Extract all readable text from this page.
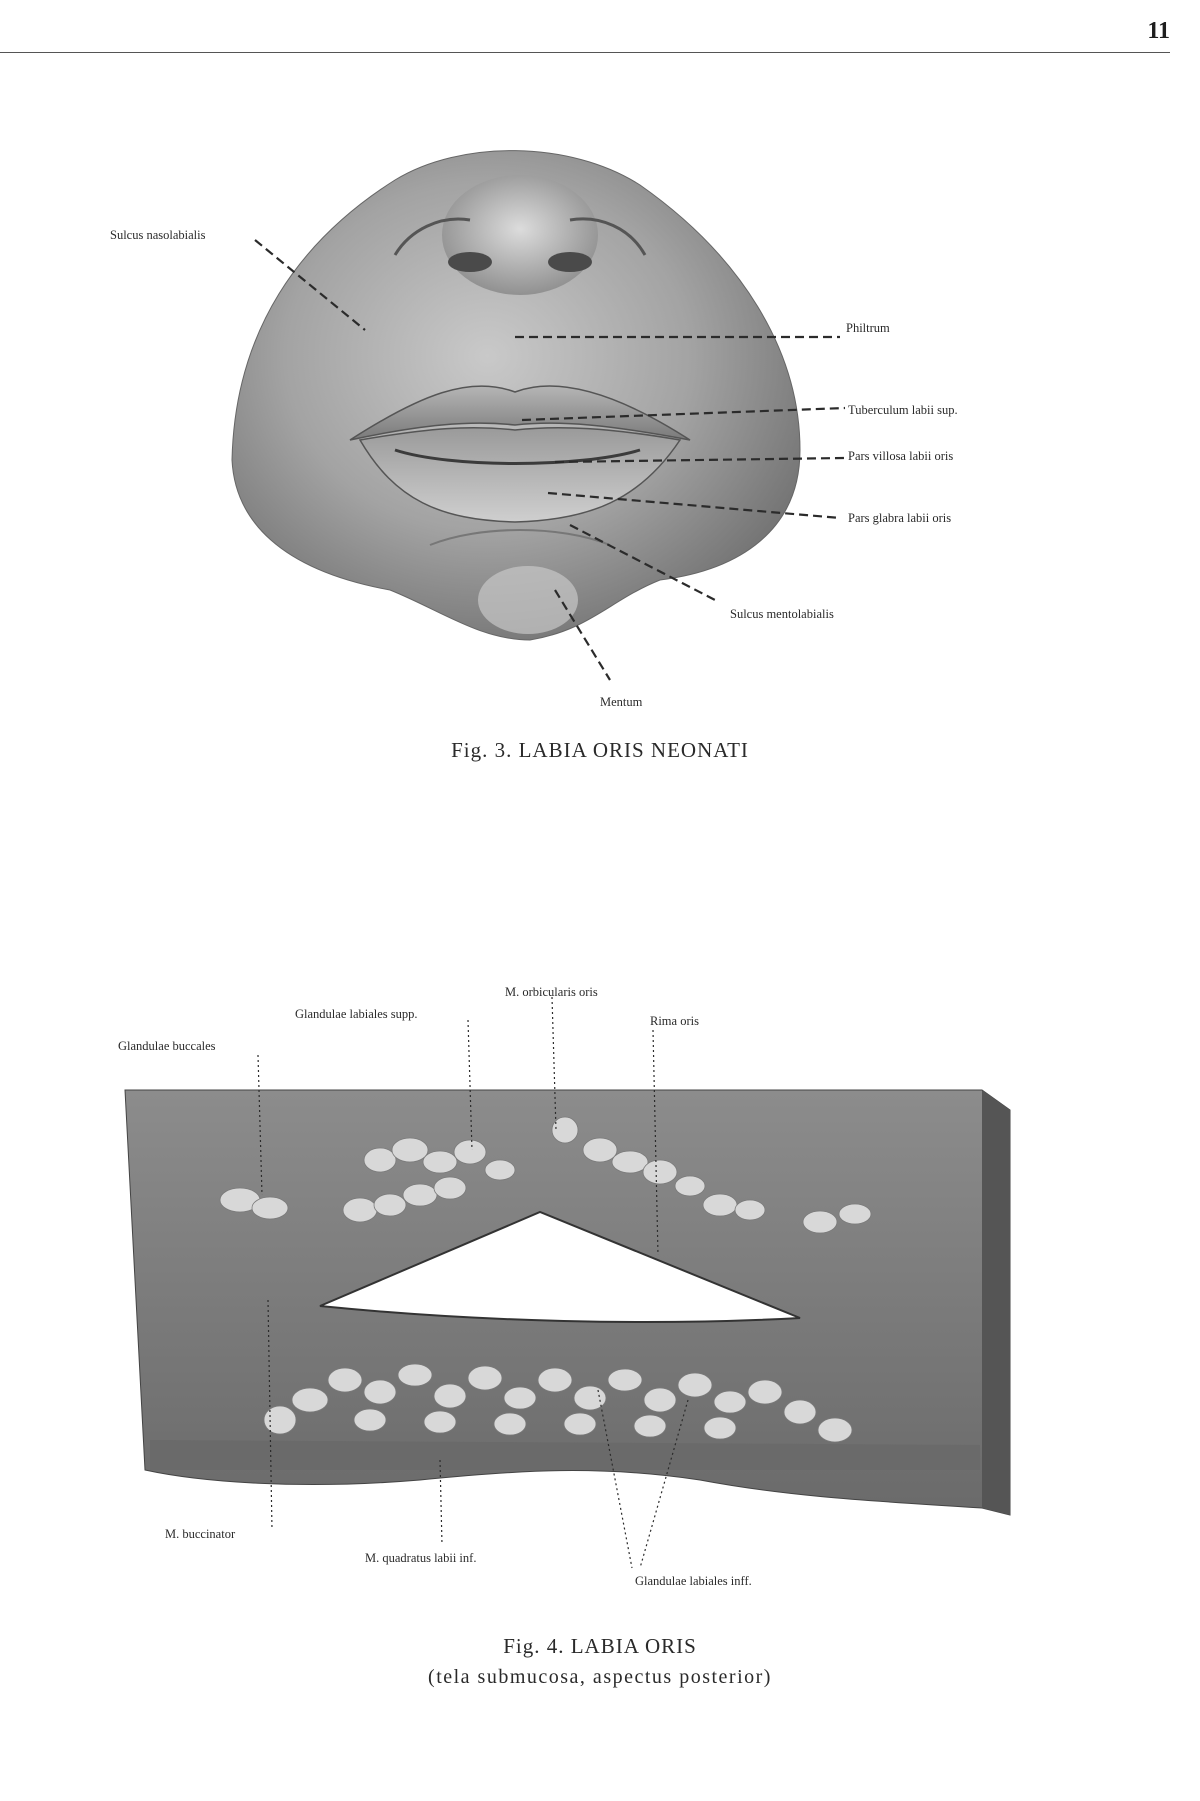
11
Sulcus nasolabialis
Philtrum
Tuberculum labii sup.
Pars villosa labii oris
Pars glabra labii oris
Sulcus mentolabialis
Mentum
Fig. 3. LABIA ORIS NEONATI
M. orbicularis oris
Glandulae labiales supp.
Glandulae buccales
Rima oris
M. buccinator
M. quadratus labii inf.
Glandulae labiales inff.
Fig. 4. LABIA ORIS
(tela submucosa, aspectus posterior)
